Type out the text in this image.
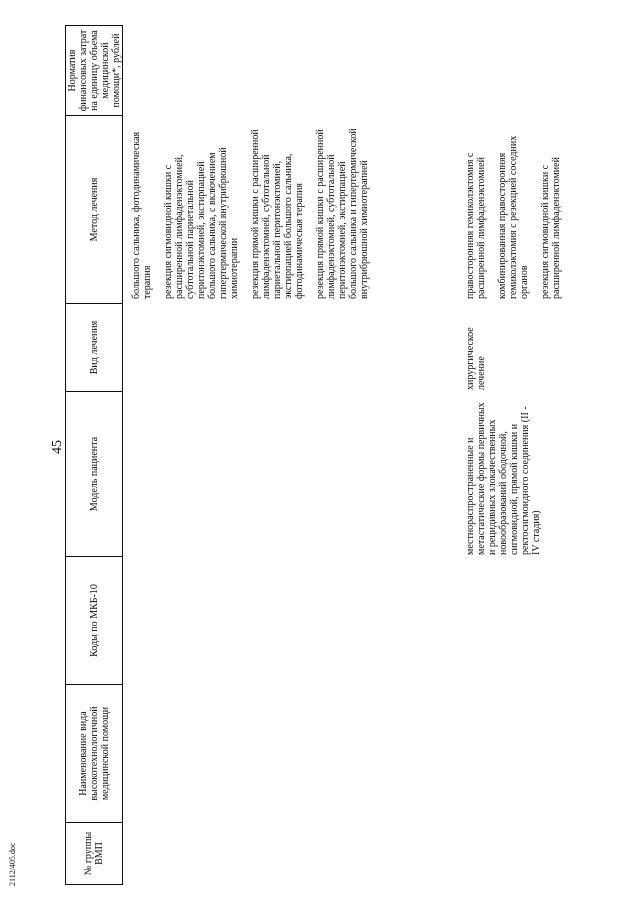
45
2112/405.doc	№ группы ВМП
Наименование вида высокотехнологичной медицинской помощи
Коды по МКБ-10
Модель пациента
Вид лечения
Метод лечения
Норматив финансовых затрат на единицу объема медицинской помощи*, рублей
местнораспространенные и метастатические формы первичных и рецидивных злокачественных новообразований ободочной, сигмовидной, прямой кишки и ректосигмоидного соединения (II - IV стадия)
хирургическое лечение
большого сальника, фотодинамическая терапия резекция сигмовидной кишки с расширенной лимфаденэктомией, субтотальной париетальной перитонэктомией, экстирпацией большого сальника, с включением гипертермической внутрибрюшной химиотерапии резекция прямой кишки с расширенной лимфаденэктомией, субтотальной париетальной перитонэктомией, экстирпацией большого сальника, фотодинамическая терапия резекция прямой кишки с расширенной лимфаденэктомией, субтотальной перитонэктомией, экстирпацией большого сальника и гипертермической внутрибрюшной химиотерапией	правосторонняя гемиколэктомия с расширенной лимфаденэктомией комбинированная правосторонняя гемиколэктомия с резекцией соседних органов резекция сигмовидной кишки с расширенной лимфаденэктомией
